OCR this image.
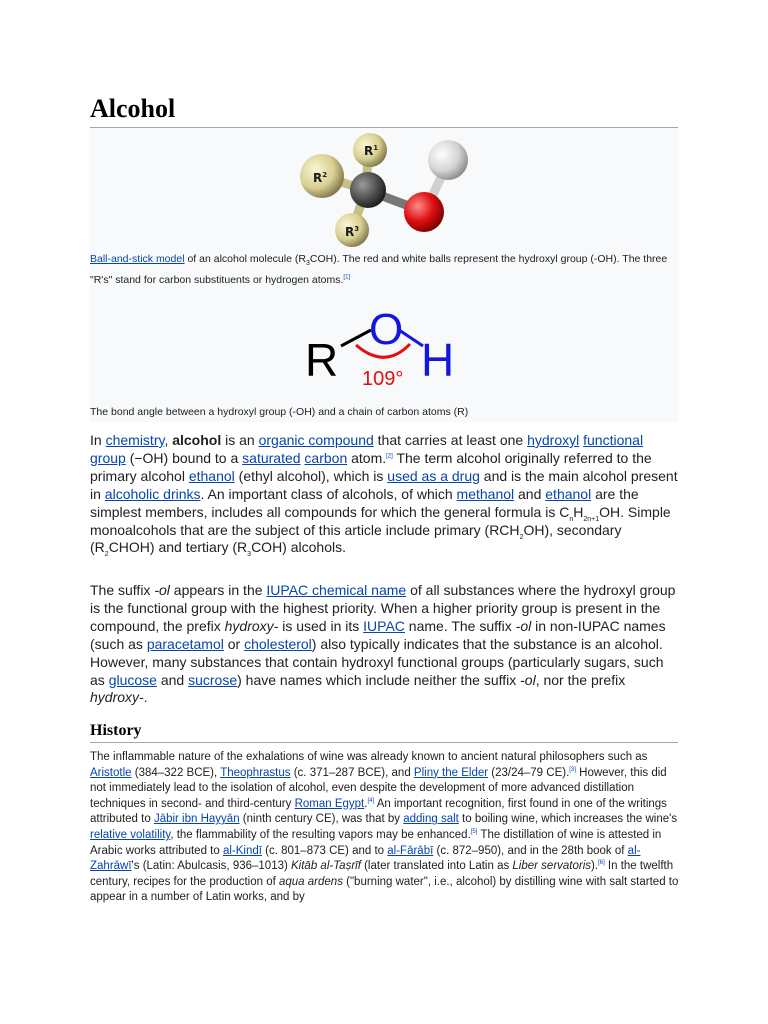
Alcohol
$R^1$
$R^2$
$R^3$
Ball-and-stick model of an alcohol molecule $(R_3COH)$. The red and white balls represent the hydroxyl group (-OH). The three "R's" stand for carbon substituents or hydrogen atoms.[1]
R
O
H
109°
The bond angle between a hydroxyl group (-OH) and a chain of carbon atoms (R)

In chemistry, alcohol is an organic compound that carries at least one hydroxyl functional group (−OH) bound to a saturated carbon atom.[2] The term alcohol originally referred to the primary alcohol ethanol (ethyl alcohol), which is used as a drug and is the main alcohol present in alcoholic drinks. An important class of alcohols, of which methanol and ethanol are the simplest members, includes all compounds for which the general formula is $C_nH_{2n+1}OH$. Simple monoalcohols that are the subject of this article include primary $(RCH_2OH)$, secondary $(R_2CHOH)$ and tertiary $(R_3COH)$ alcohols.

The suffix -ol appears in the IUPAC chemical name of all substances where the hydroxyl group is the functional group with the highest priority. When a higher priority group is present in the compound, the prefix hydroxy- is used in its IUPAC name. The suffix -ol in non-IUPAC names (such as paracetamol or cholesterol) also typically indicates that the substance is an alcohol. However, many substances that contain hydroxyl functional groups (particularly sugars, such as glucose and sucrose) have names which include neither the suffix -ol, nor the prefix hydroxy-.

History

The inflammable nature of the exhalations of wine was already known to ancient natural philosophers such as Aristotle (384–322 BCE), Theophrastus (c. 371–287 BCE), and Pliny the Elder (23/24–79 CE).[3] However, this did not immediately lead to the isolation of alcohol, even despite the development of more advanced distillation techniques in second- and third-century Roman Egypt.[4] An important recognition, first found in one of the writings attributed to Jābir ibn Hayyān (ninth century CE), was that by adding salt to boiling wine, which increases the wine's relative volatility, the flammability of the resulting vapors may be enhanced.[5] The distillation of wine is attested in Arabic works attributed to al-Kindī (c. 801–873 CE) and to al-Fārābī (c. 872–950), and in the 28th book of al-Zahrāwī's (Latin: Abulcasis, 936–1013) Kitāb al-Taṣrīf (later translated into Latin as Liber servatoris).[6] In the twelfth century, recipes for the production of aqua ardens ("burning water", i.e., alcohol) by distilling wine with salt started to appear in a number of Latin works, and by
